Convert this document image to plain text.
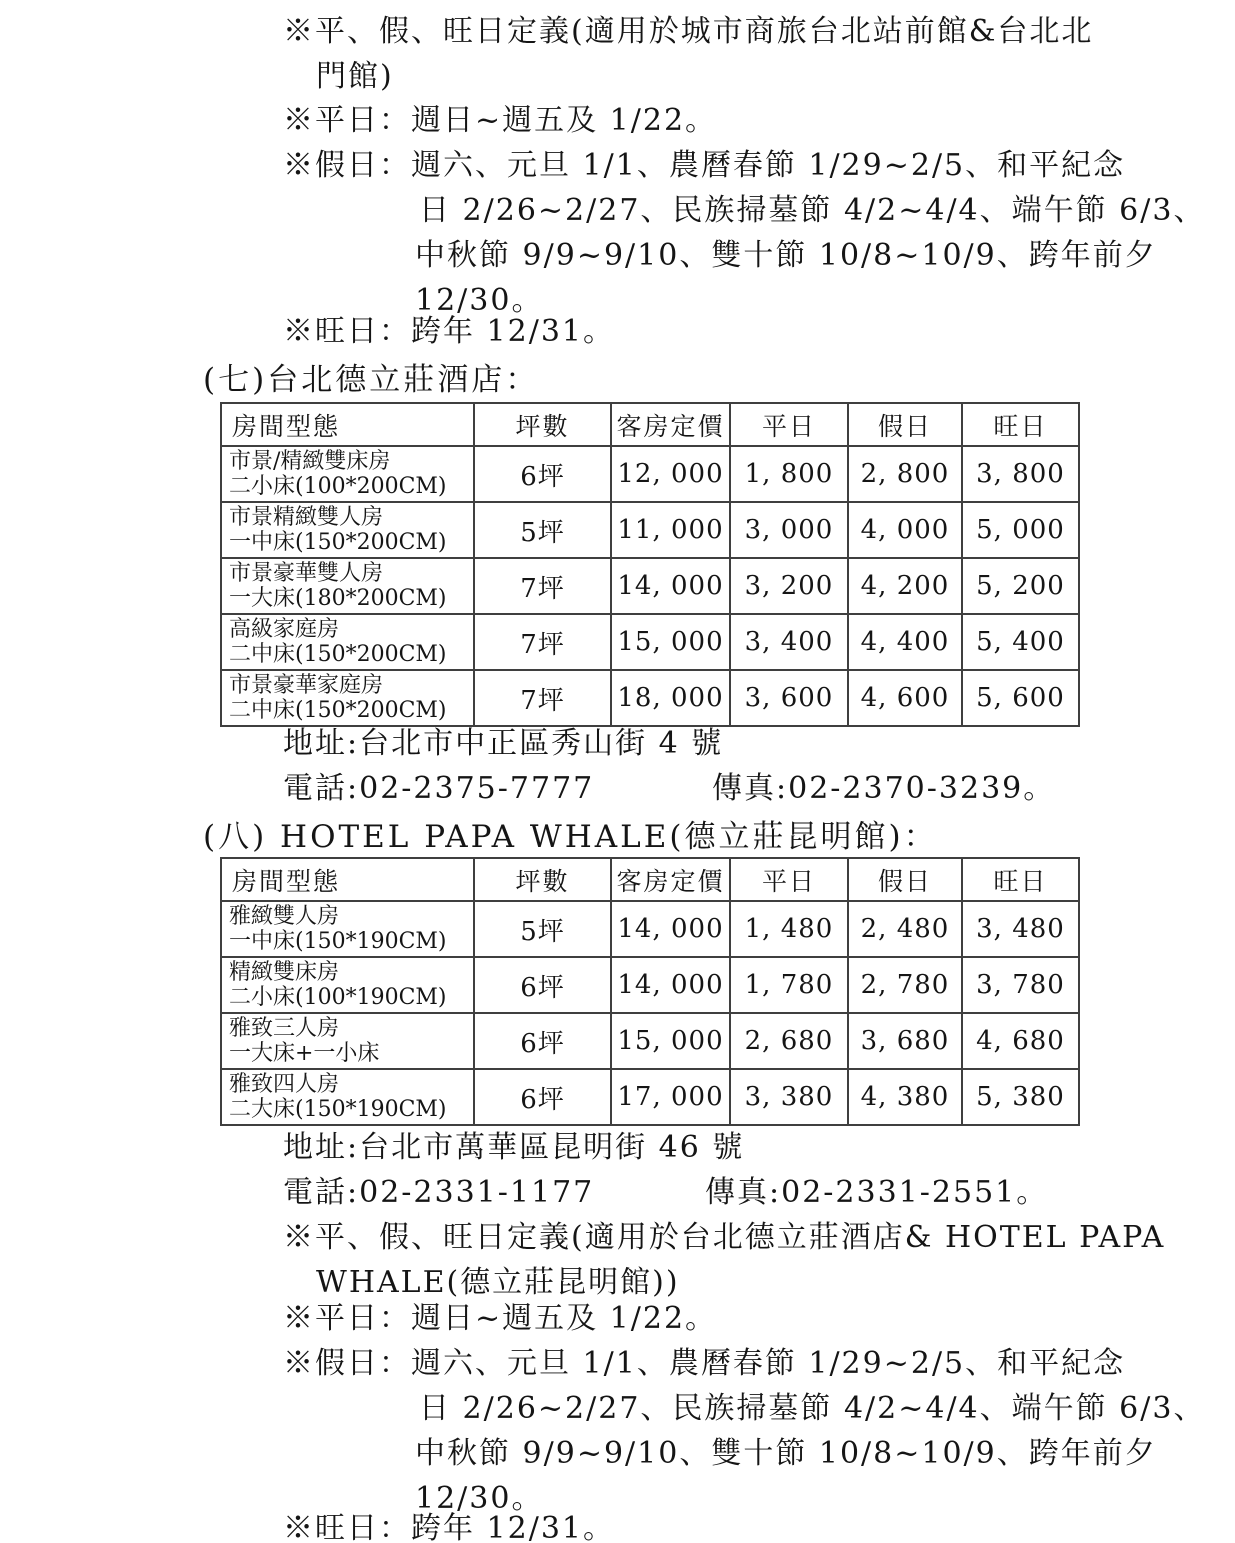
※平、假、旺日定義(適用於城市商旅台北站前館&台北北
門館)
※平日：週日~週五及 1/22。
※假日：週六、元旦 1/1、農曆春節 1/29~2/5、和平紀念
日 2/26~2/27、民族掃墓節 4/2~4/4、端午節 6/3、
中秋節 9/9~9/10、雙十節 10/8~10/9、跨年前夕
12/30。
※旺日：跨年 12/31。
(七)台北德立莊酒店：
房間型態	坪數	客房定價	平日	假日	旺日

市景/精緻雙床房
二小床(100*200CM)	6坪	12, 000	1, 800	2, 800	3, 800

市景精緻雙人房
一中床(150*200CM)	5坪	11, 000	3, 000	4, 000	5, 000

市景豪華雙人房
一大床(180*200CM)	7坪	14, 000	3, 200	4, 200	5, 200

高級家庭房
二中床(150*200CM)	7坪	15, 000	3, 400	4, 400	5, 400

市景豪華家庭房
二中床(150*200CM)	7坪	18, 000	3, 600	4, 600	5, 600
地址:台北市中正區秀山街 4 號
電話:02-2375-7777	傳真:02-2370-3239。
(八) HOTEL PAPA WHALE(德立莊昆明館)：
房間型態	坪數	客房定價	平日	假日	旺日

雅緻雙人房
一中床(150*190CM)	5坪	14, 000	1, 480	2, 480	3, 480

精緻雙床房
二小床(100*190CM)	6坪	14, 000	1, 780	2, 780	3, 780

雅致三人房
一大床+一小床	6坪	15, 000	2, 680	3, 680	4, 680

雅致四人房
二大床(150*190CM)	6坪	17, 000	3, 380	4, 380	5, 380
地址:台北市萬華區昆明街 46 號
電話:02-2331-1177	傳真:02-2331-2551。
※平、假、旺日定義(適用於台北德立莊酒店& HOTEL PAPA
WHALE(德立莊昆明館))
※平日：週日~週五及 1/22。
※假日：週六、元旦 1/1、農曆春節 1/29~2/5、和平紀念
日 2/26~2/27、民族掃墓節 4/2~4/4、端午節 6/3、
中秋節 9/9~9/10、雙十節 10/8~10/9、跨年前夕
12/30。
※旺日：跨年 12/31。
